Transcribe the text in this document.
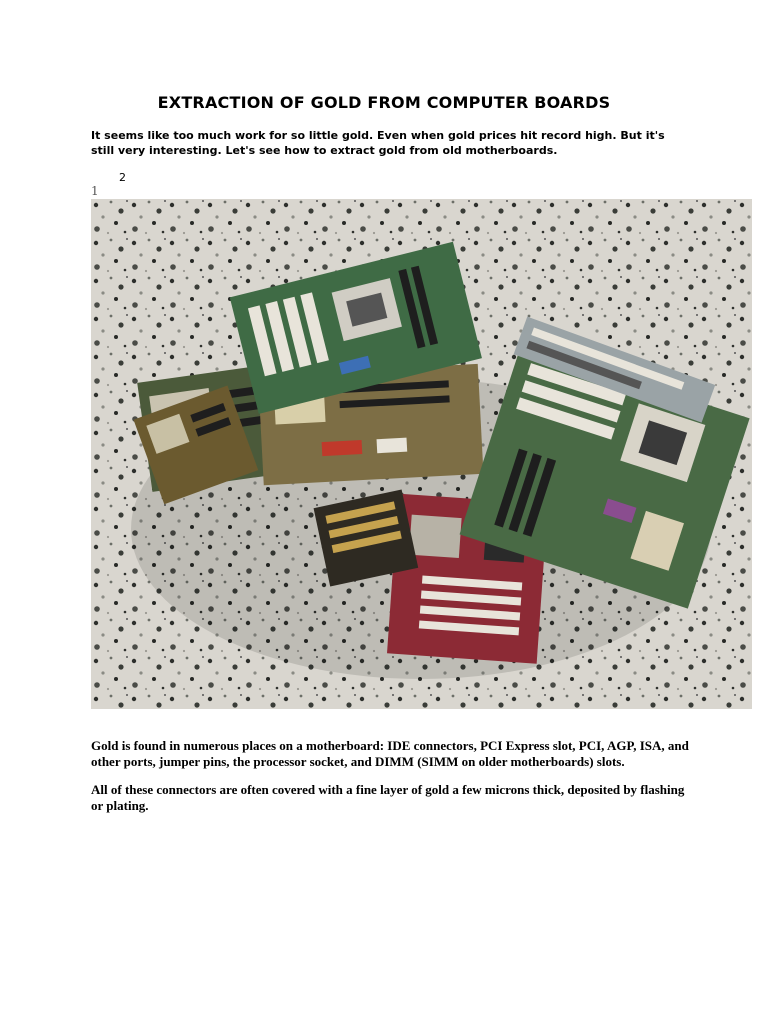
EXTRACTION OF GOLD FROM COMPUTER BOARDS

It seems like too much work for so little gold. Even when gold prices hit record high. But it's still very interesting. Let's see how to extract gold from old motherboards.

2
1

Gold is found in numerous places on a motherboard: IDE connectors, PCI Express slot, PCI, AGP, ISA, and other ports, jumper pins, the processor socket, and DIMM (SIMM on older motherboards) slots.

All of these connectors are often covered with a fine layer of gold a few microns thick, deposited by flashing or plating.
